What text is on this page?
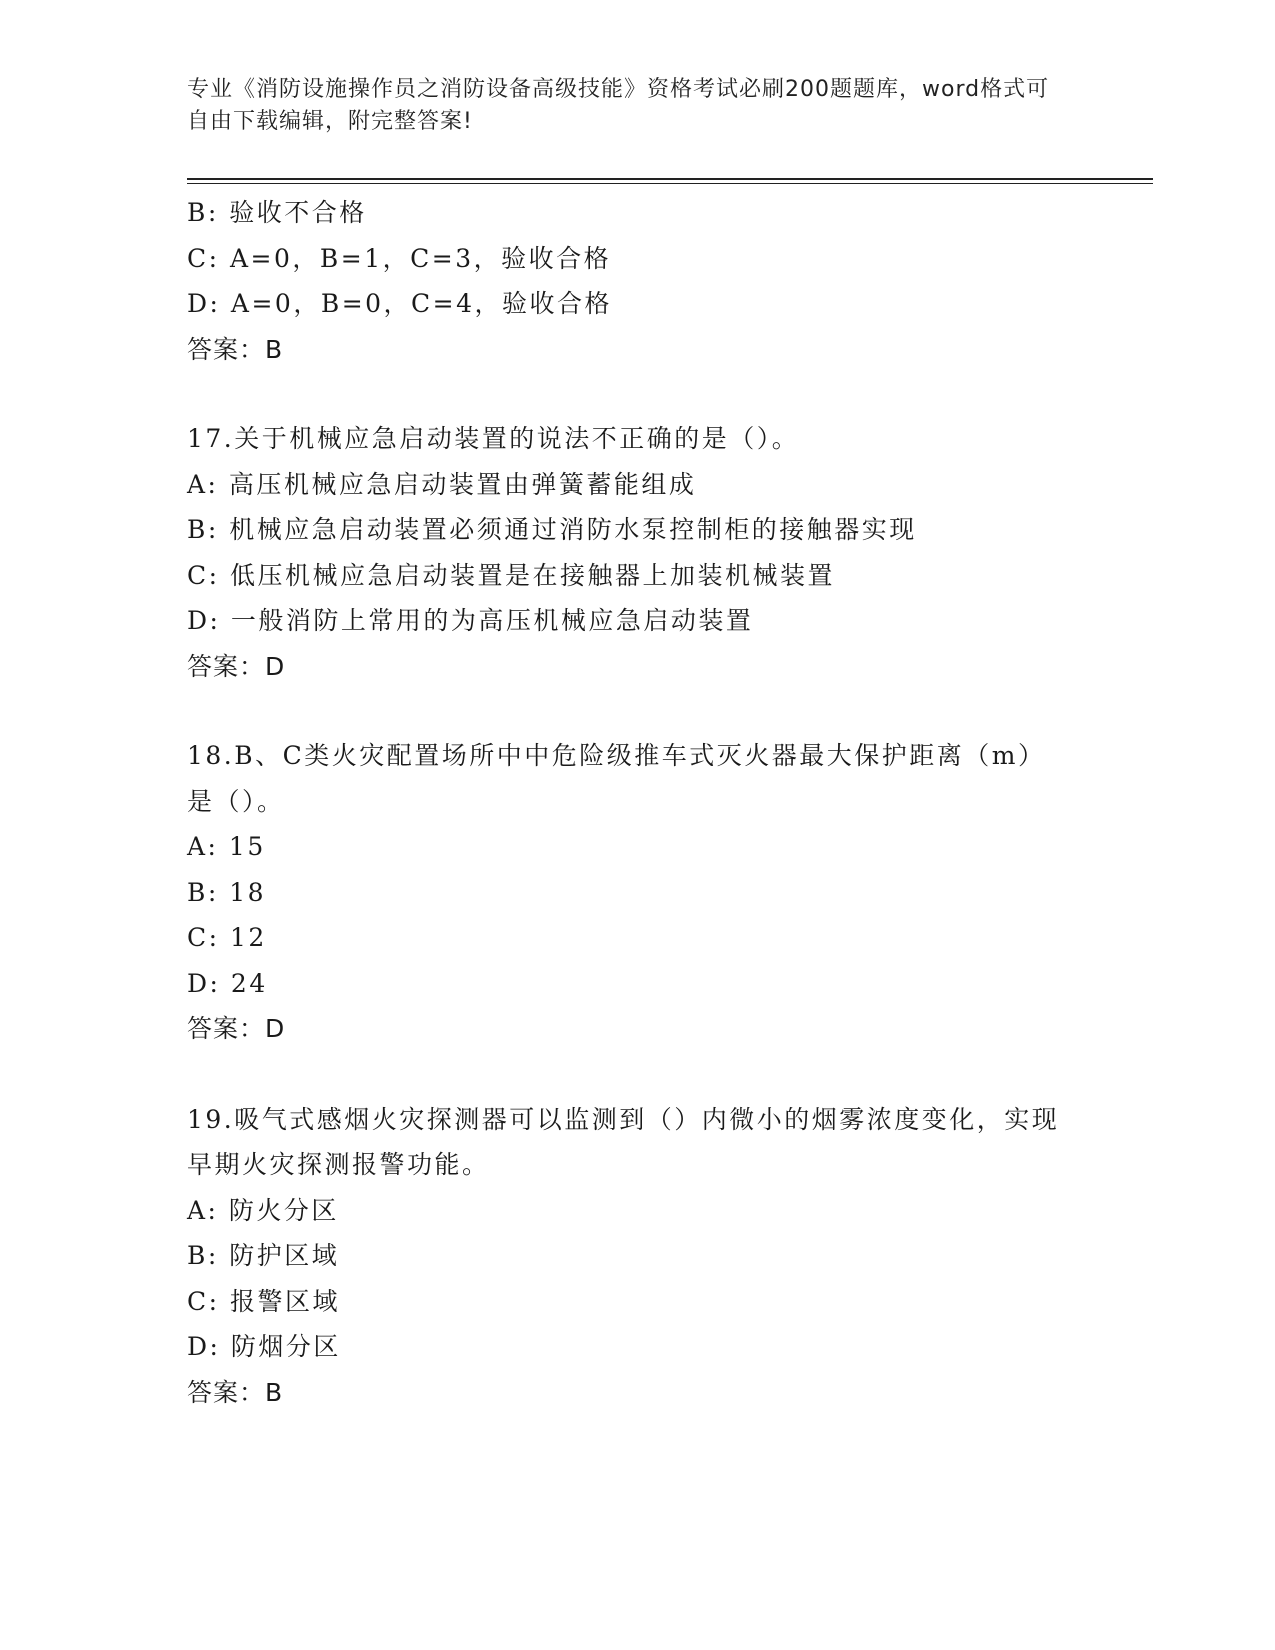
专业《消防设施操作员之消防设备高级技能》资格考试必刷200题题库，word格式可自由下载编辑，附完整答案!
B: 验收不合格
C: A=0，B=1，C=3，验收合格
D: A=0，B=0，C=4，验收合格
答案：B
17.关于机械应急启动装置的说法不正确的是（）。
A: 高压机械应急启动装置由弹簧蓄能组成
B: 机械应急启动装置必须通过消防水泵控制柜的接触器实现
C: 低压机械应急启动装置是在接触器上加装机械装置
D: 一般消防上常用的为高压机械应急启动装置
答案：D
18.B、C类火灾配置场所中中危险级推车式灭火器最大保护距离（m）是（）。
A: 15
B: 18
C: 12
D: 24
答案：D
19.吸气式感烟火灾探测器可以监测到（）内微小的烟雾浓度变化，实现早期火灾探测报警功能。
A: 防火分区
B: 防护区域
C: 报警区域
D: 防烟分区
答案：B
